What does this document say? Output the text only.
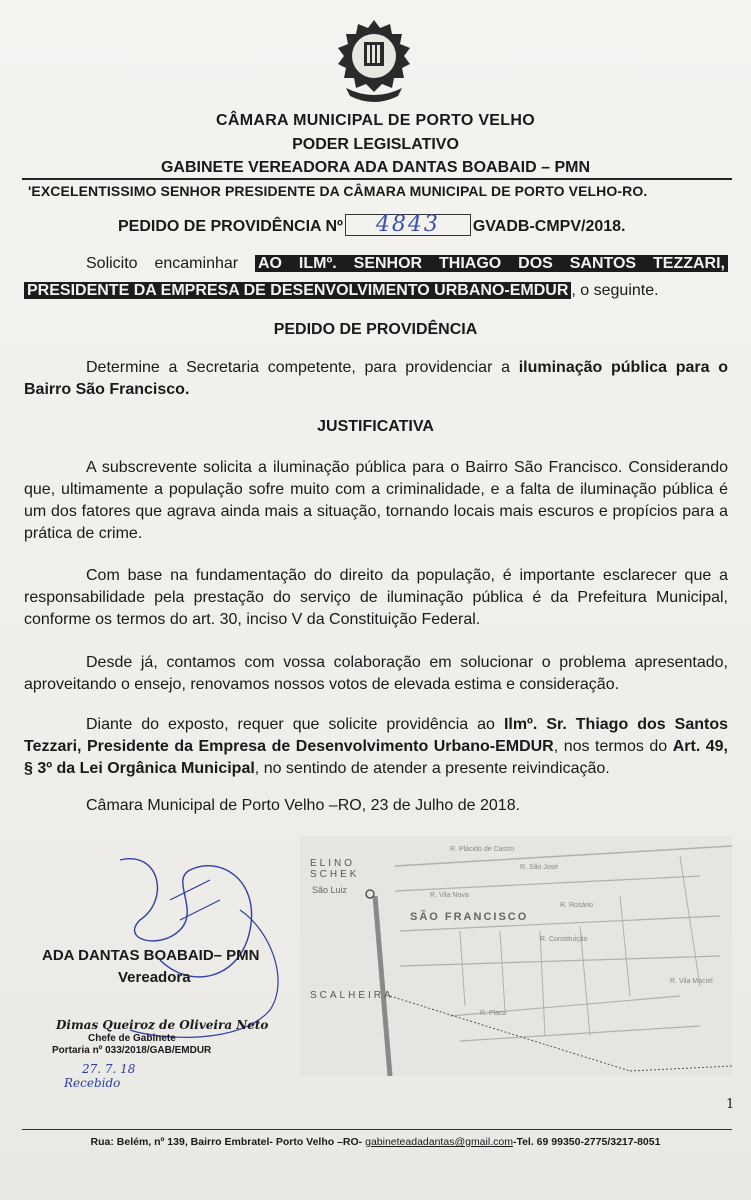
CÂMARA MUNICIPAL DE PORTO VELHO
PODER LEGISLATIVO
GABINETE VEREADORA ADA DANTAS BOABAID – PMN
'EXCELENTISSIMO SENHOR PRESIDENTE DA CÂMARA MUNICIPAL DE PORTO VELHO-RO.
PEDIDO DE PROVIDÊNCIA Nº 4843 GVADB-CMPV/2018.
Solicito encaminhar AO ILMº. SENHOR THIAGO DOS SANTOS TEZZARI, PRESIDENTE DA EMPRESA DE DESENVOLVIMENTO URBANO-EMDUR , o seguinte.
PEDIDO DE PROVIDÊNCIA
Determine a Secretaria competente, para providenciar a iluminação pública para o Bairro São Francisco.
JUSTIFICATIVA
A subscrevente solicita a iluminação pública para o Bairro São Francisco. Considerando que, ultimamente a população sofre muito com a criminalidade, e a falta de iluminação pública é um dos fatores que agrava ainda mais a situação, tornando locais mais escuros e propícios para a prática de crime.
Com base na fundamentação do direito da população, é importante esclarecer que a responsabilidade pela prestação do serviço de iluminação pública é da Prefeitura Municipal, conforme os termos do art. 30, inciso V da Constituição Federal.
Desde já, contamos com vossa colaboração em solucionar o problema apresentado, aproveitando o ensejo, renovamos nossos votos de elevada estima e consideração.
Diante do exposto, requer que solicite providência ao Ilmº. Sr. Thiago dos Santos Tezzari, Presidente da Empresa de Desenvolvimento Urbano-EMDUR, nos termos do Art. 49, § 3º da Lei Orgânica Municipal, no sentindo de atender a presente reivindicação.
Câmara Municipal de Porto Velho –RO, 23 de Julho de 2018.
ELINO SCHEK
São Luiz
SÃO FRANCISCO
SCALHEIRA
R. Plácido de Castro
R. São José
R. Rosário
R. Vila Nova
R. Constituição
R. Vila Maciel
R. Placa
ADA DANTAS BOABAID– PMN
Vereadora
Dimas Queiroz de Oliveira Neto
Chefe de Gabinete
Portaria nº 033/2018/GAB/EMDUR
27. 7. 18
Recebido
1
Rua: Belém, nº 139, Bairro Embratel- Porto Velho –RO- gabineteadadantas@gmail.com-Tel. 69 99350-2775/3217-8051
